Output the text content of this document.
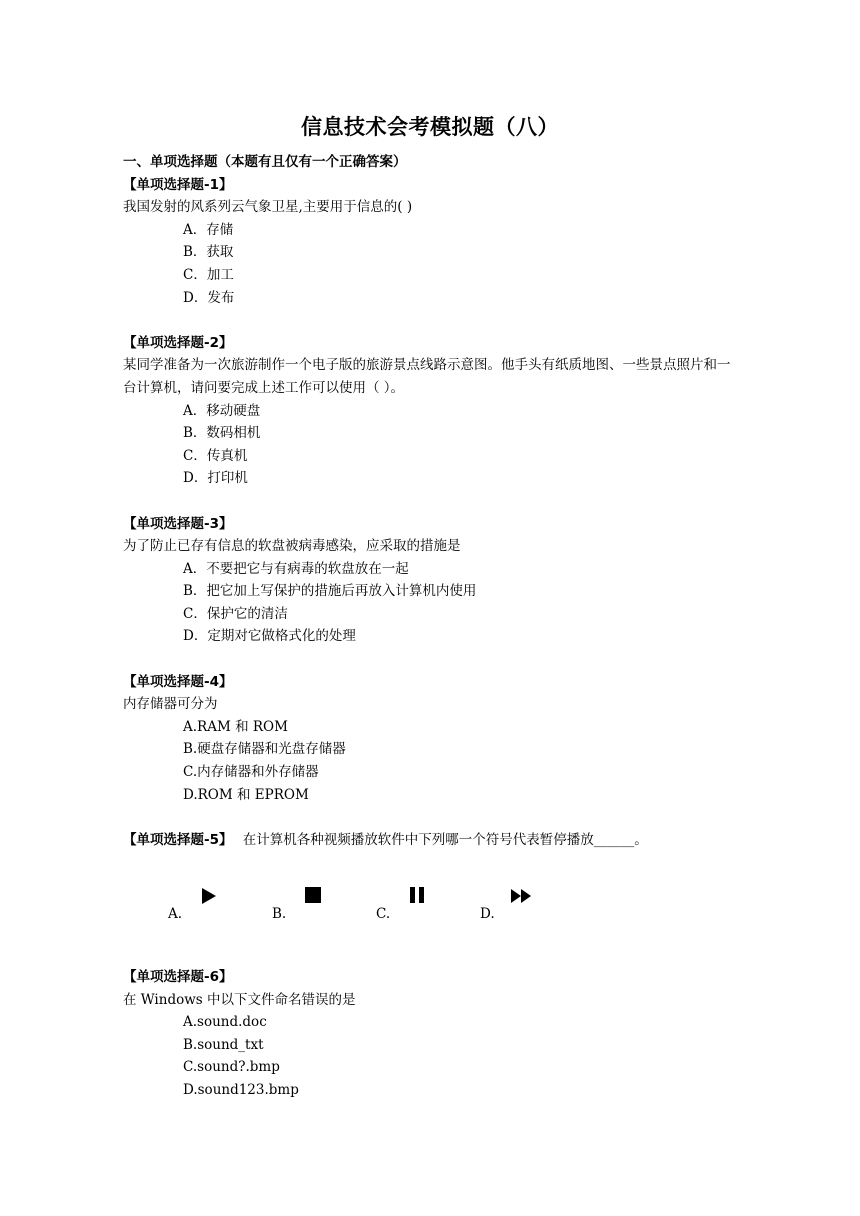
信息技术会考模拟题（八）
一、单项选择题（本题有且仅有一个正确答案）
【单项选择题-1】
我国发射的风系列云气象卫星,主要用于信息的( )
A．存储
B．获取
C．加工
D．发布
【单项选择题-2】
某同学准备为一次旅游制作一个电子版的旅游景点线路示意图。他手头有纸质地图、一些景点照片和一台计算机，请问要完成上述工作可以使用（ ）。
A．移动硬盘
B．数码相机
C．传真机
D．打印机
【单项选择题-3】
为了防止已存有信息的软盘被病毒感染，应采取的措施是
A．不要把它与有病毒的软盘放在一起
B．把它加上写保护的措施后再放入计算机内使用
C．保护它的清洁
D．定期对它做格式化的处理
【单项选择题-4】
内存储器可分为
A.RAM 和 ROM
B.硬盘存储器和光盘存储器
C.内存储器和外存储器
D.ROM 和 EPROM
【单项选择题-5】 在计算机各种视频播放软件中下列哪一个符号代表暂停播放______。
A.	B.	C.	D.
【单项选择题-6】
在 Windows 中以下文件命名错误的是
A.sound.doc
B.sound_txt
C.sound?.bmp
D.sound123.bmp
